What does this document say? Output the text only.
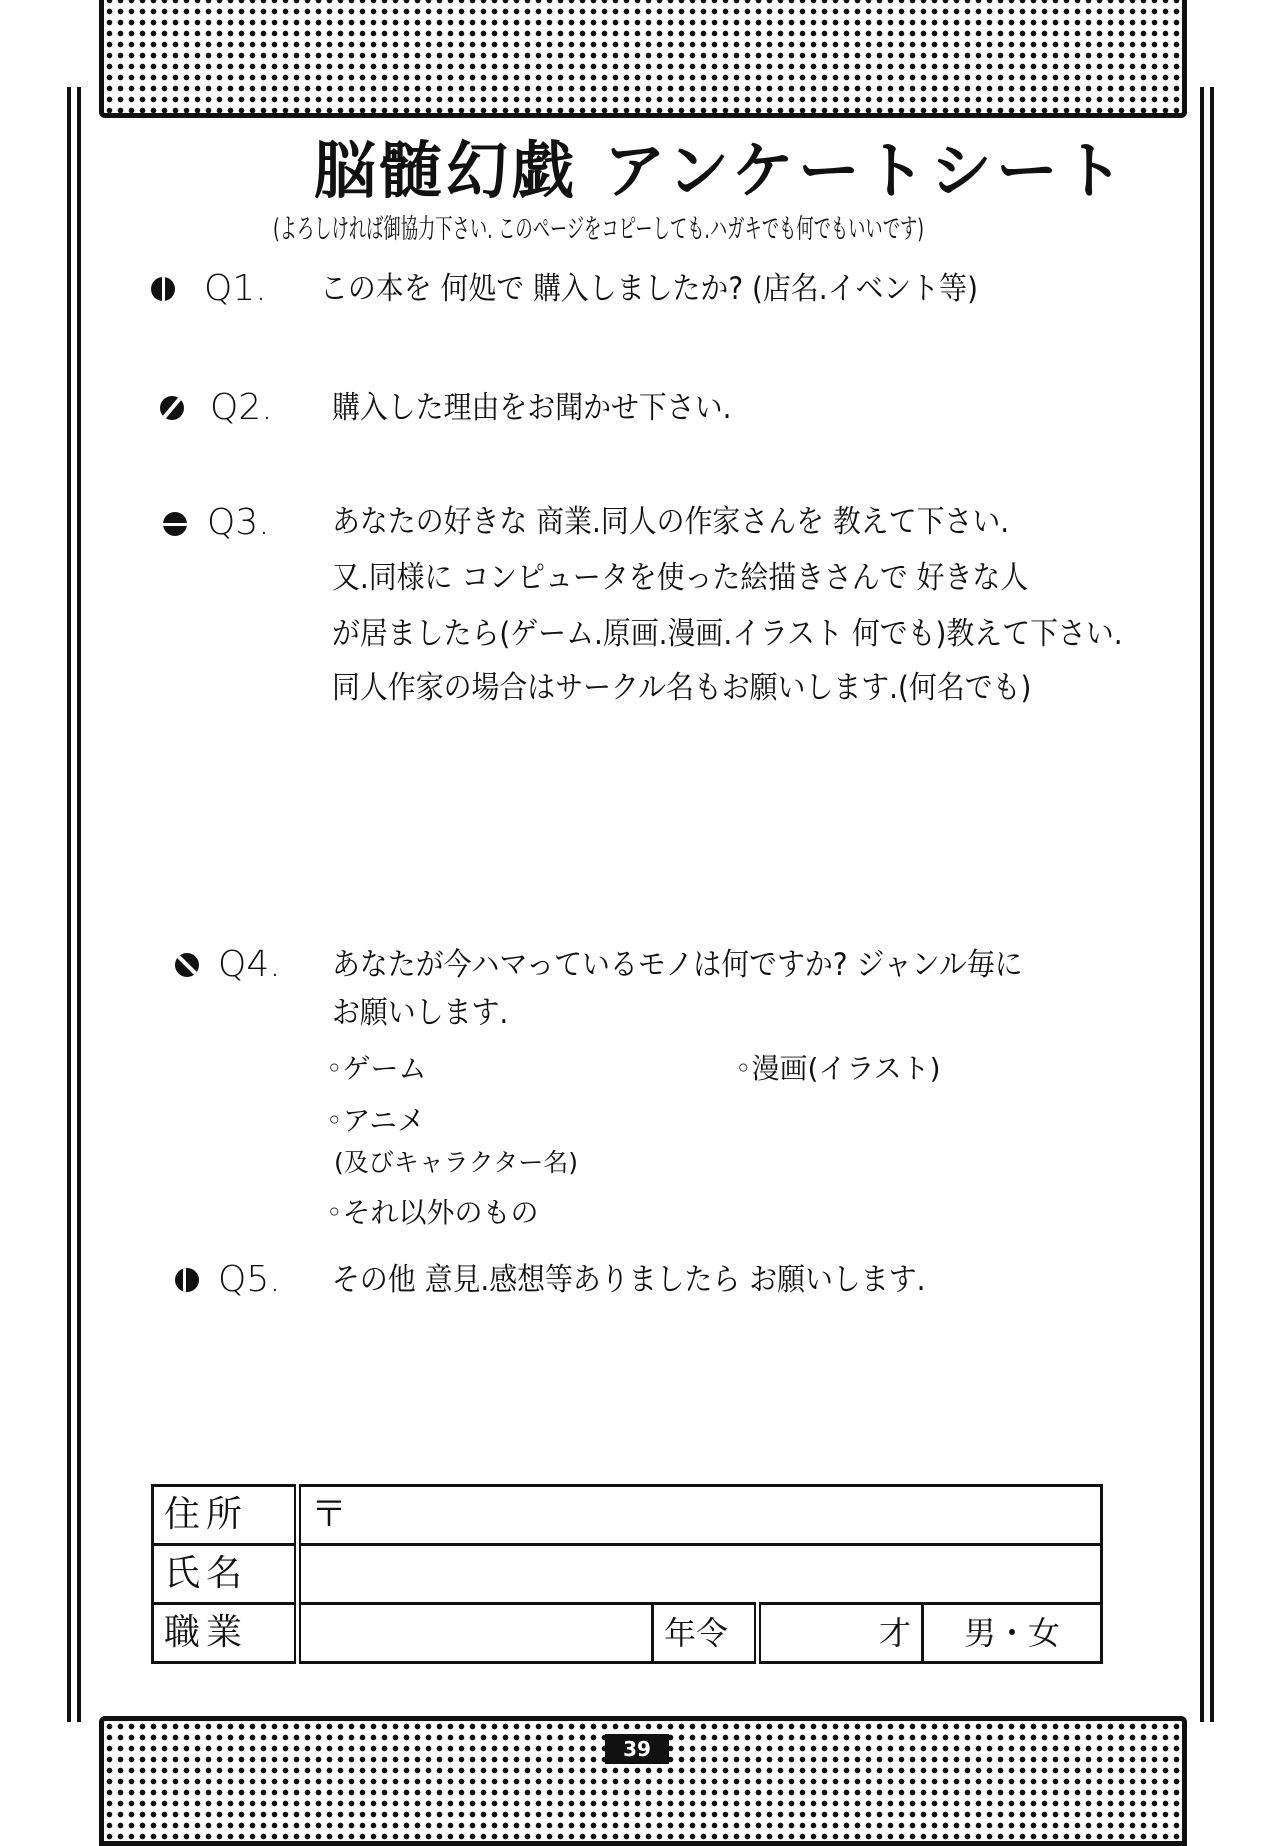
脳髄幻戯 アンケートシート
(よろしければ御協力下さい. このページをコピーしても.ハガキでも何でもいいです)
Q1. この本を 何処で 購入しましたか? (店名.イベント等)
Q2. 購入した理由をお聞かせ下さい.
Q3. あなたの好きな 商業.同人の作家さんを 教えて下さい.
又.同様に コンピュータを使った絵描きさんで 好きな人
が居ましたら(ゲーム.原画.漫画.イラスト 何でも)教えて下さい.
同人作家の場合はサークル名もお願いします.(何名でも)
Q4. あなたが今ハマっているモノは何ですか? ジャンル毎に
お願いします.
◦ゲーム	◦漫画(イラスト)
◦アニメ
(及びキャラクター名)
◦それ以外のもの
Q5. その他 意見.感想等ありましたら お願いします.
住所	〒			
氏名				
職業		年令	才	男・女
39
